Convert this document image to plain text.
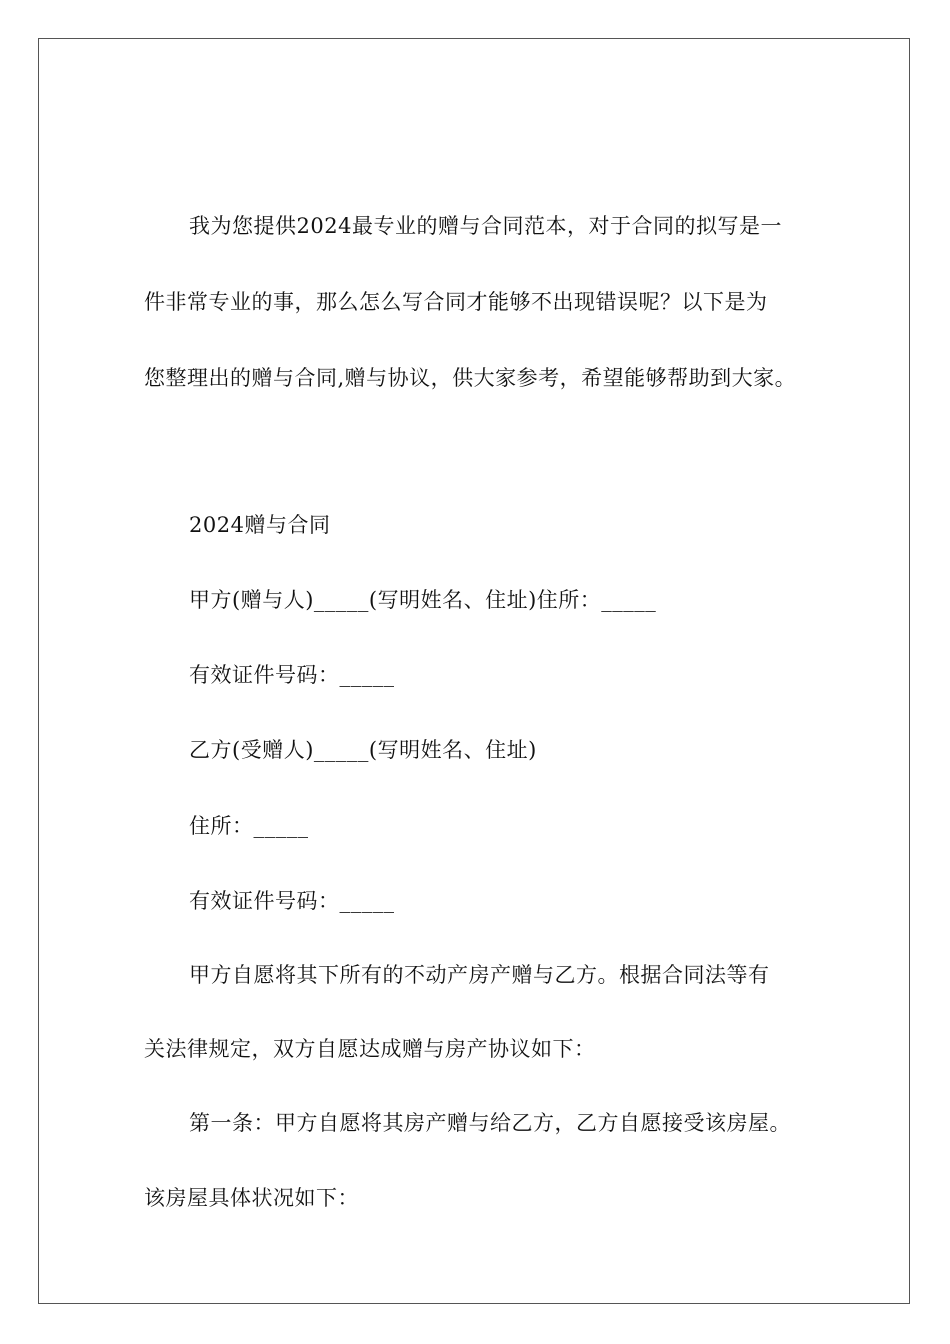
我为您提供2024最专业的赠与合同范本，对于合同的拟写是一
件非常专业的事，那么怎么写合同才能够不出现错误呢？以下是为
您整理出的赠与合同,赠与协议，供大家参考，希望能够帮助到大家。
2024赠与合同
甲方(赠与人)_____(写明姓名、住址)住所：_____
有效证件号码：_____
乙方(受赠人)_____(写明姓名、住址)
住所：_____
有效证件号码：_____
甲方自愿将其下所有的不动产房产赠与乙方。根据合同法等有
关法律规定，双方自愿达成赠与房产协议如下：
第一条：甲方自愿将其房产赠与给乙方，乙方自愿接受该房屋。
该房屋具体状况如下：
